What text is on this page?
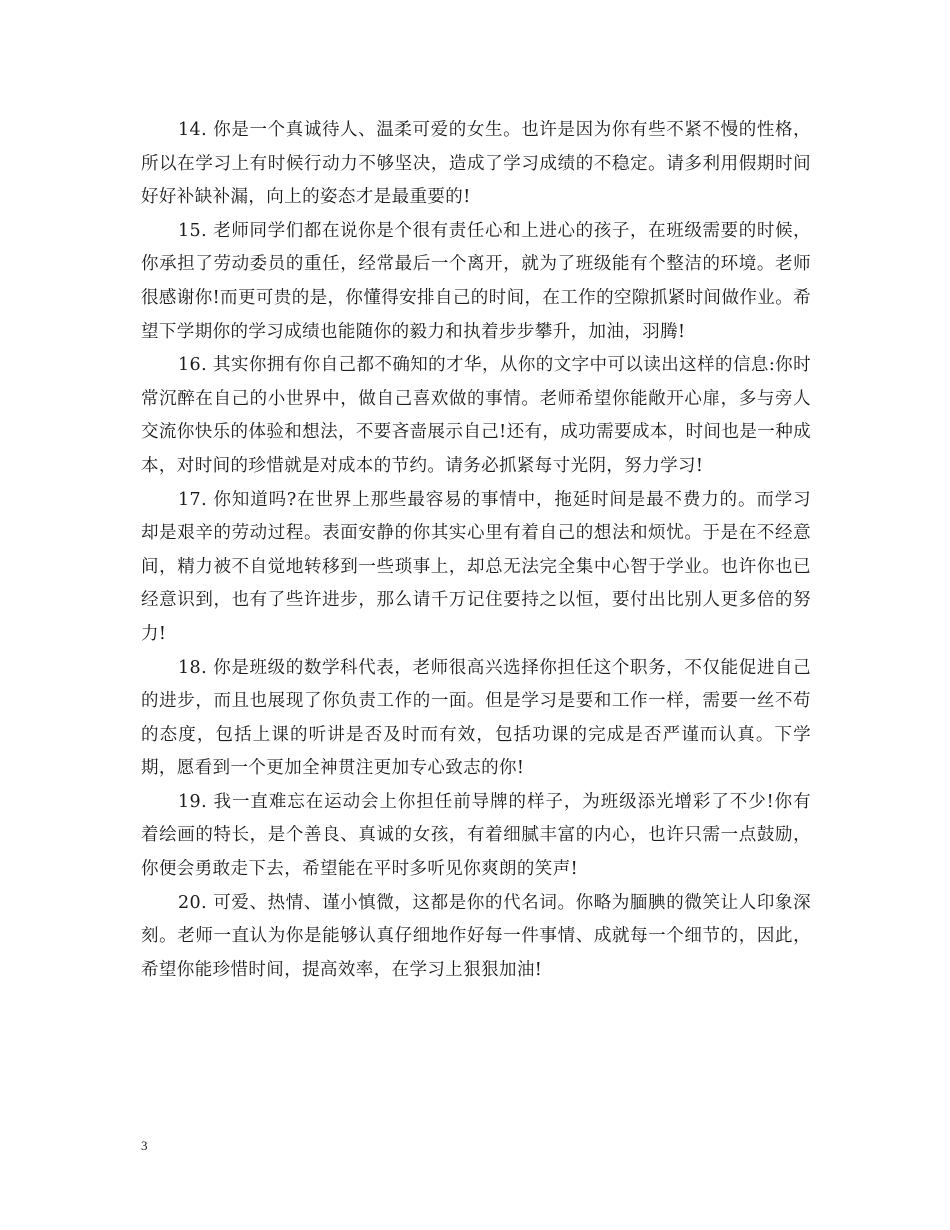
14. 你是一个真诚待人、温柔可爱的女生。也许是因为你有些不紧不慢的性格，所以在学习上有时候行动力不够坚决，造成了学习成绩的不稳定。请多利用假期时间好好补缺补漏，向上的姿态才是最重要的!

15. 老师同学们都在说你是个很有责任心和上进心的孩子，在班级需要的时候，你承担了劳动委员的重任，经常最后一个离开，就为了班级能有个整洁的环境。老师很感谢你!而更可贵的是，你懂得安排自己的时间，在工作的空隙抓紧时间做作业。希望下学期你的学习成绩也能随你的毅力和执着步步攀升，加油，羽腾!

16. 其实你拥有你自己都不确知的才华，从你的文字中可以读出这样的信息:你时常沉醉在自己的小世界中，做自己喜欢做的事情。老师希望你能敞开心扉，多与旁人交流你快乐的体验和想法，不要吝啬展示自己!还有，成功需要成本，时间也是一种成本，对时间的珍惜就是对成本的节约。请务必抓紧每寸光阴，努力学习!

17. 你知道吗?在世界上那些最容易的事情中，拖延时间是最不费力的。而学习却是艰辛的劳动过程。表面安静的你其实心里有着自己的想法和烦忧。于是在不经意间，精力被不自觉地转移到一些琐事上，却总无法完全集中心智于学业。也许你也已经意识到，也有了些许进步，那么请千万记住要持之以恒，要付出比别人更多倍的努力!

18. 你是班级的数学科代表，老师很高兴选择你担任这个职务，不仅能促进自己的进步，而且也展现了你负责工作的一面。但是学习是要和工作一样，需要一丝不苟的态度，包括上课的听讲是否及时而有效，包括功课的完成是否严谨而认真。下学期，愿看到一个更加全神贯注更加专心致志的你!

19. 我一直难忘在运动会上你担任前导牌的样子，为班级添光增彩了不少!你有着绘画的特长，是个善良、真诚的女孩，有着细腻丰富的内心，也许只需一点鼓励，你便会勇敢走下去，希望能在平时多听见你爽朗的笑声!

20. 可爱、热情、谨小慎微，这都是你的代名词。你略为腼腆的微笑让人印象深刻。老师一直认为你是能够认真仔细地作好每一件事情、成就每一个细节的，因此，希望你能珍惜时间，提高效率，在学习上狠狠加油!

3
